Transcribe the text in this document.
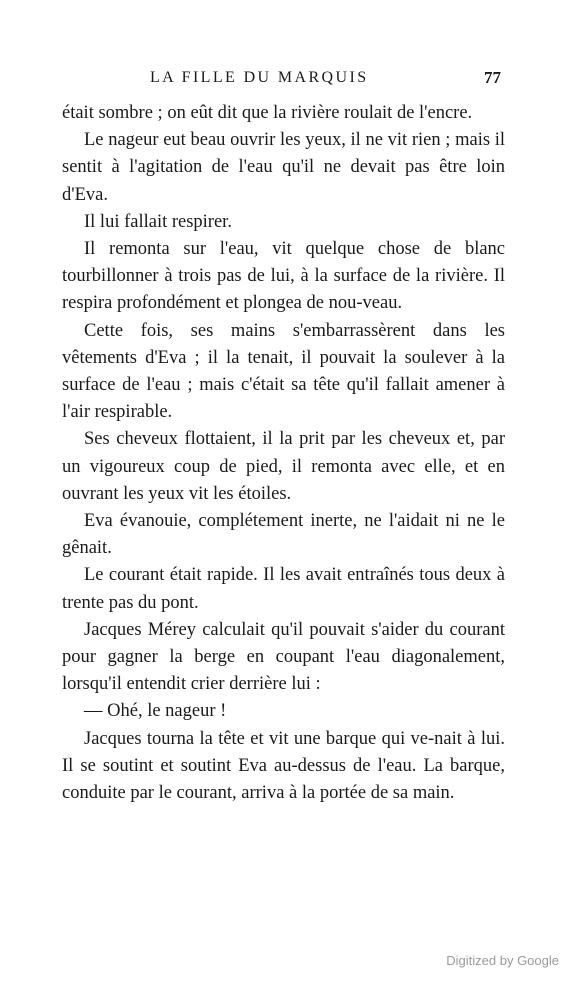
LA FILLE DU MARQUIS	77

était sombre ; on eût dit que la rivière roulait de l'encre.

Le nageur eut beau ouvrir les yeux, il ne vit rien ; mais il sentit à l'agitation de l'eau qu'il ne devait pas être loin d'Eva.

Il lui fallait respirer.

Il remonta sur l'eau, vit quelque chose de blanc tourbillonner à trois pas de lui, à la surface de la rivière. Il respira profondément et plongea de nou-veau.

Cette fois, ses mains s'embarrassèrent dans les vêtements d'Eva ; il la tenait, il pouvait la soulever à la surface de l'eau ; mais c'était sa tête qu'il fallait amener à l'air respirable.

Ses cheveux flottaient, il la prit par les cheveux et, par un vigoureux coup de pied, il remonta avec elle, et en ouvrant les yeux vit les étoiles.

Eva évanouie, complétement inerte, ne l'aidait ni ne le gênait.

Le courant était rapide. Il les avait entraînés tous deux à trente pas du pont.

Jacques Mérey calculait qu'il pouvait s'aider du courant pour gagner la berge en coupant l'eau diagonalement, lorsqu'il entendit crier derrière lui :

— Ohé, le nageur !

Jacques tourna la tête et vit une barque qui ve-nait à lui. Il se soutint et soutint Eva au-dessus de l'eau. La barque, conduite par le courant, arriva à la portée de sa main.

Digitized by Google
